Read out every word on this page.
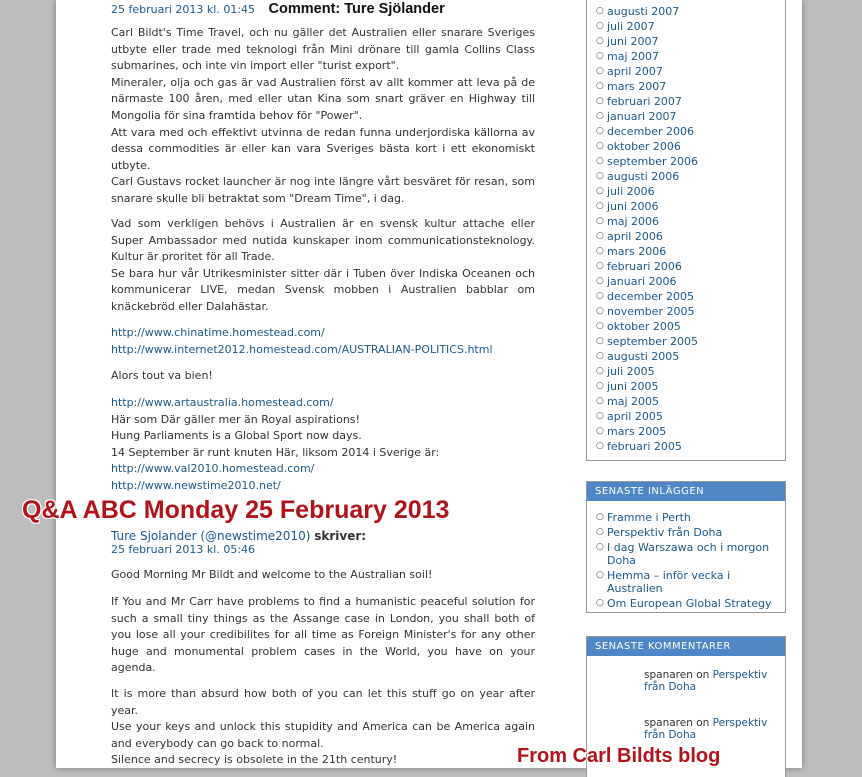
25 februari 2013 kl. 01:45 Comment: Ture Sjölander

Carl Bildt's Time Travel, och nu gäller det Australien eller snarare Sveriges utbyte eller trade med teknologi från Mini drönare till gamla Collins Class submarines, och inte vin import eller "turist export".

Mineraler, olja och gas är vad Australien först av allt kommer att leva på de närmaste 100 åren, med eller utan Kina som snart gräver en Highway till Mongolia för sina framtida behov för "Power".

Att vara med och effektivt utvinna de redan funna underjordiska källorna av dessa commodities är eller kan vara Sveriges bästa kort i ett ekonomiskt utbyte.

Carl Gustavs rocket launcher är nog inte längre vårt besväret för resan, som snarare skulle bli betraktat som "Dream Time", i dag.

Vad som verkligen behövs i Australien är en svensk kultur attache eller Super Ambassador med nutida kunskaper inom communicationsteknology. Kultur är proritet för all Trade.

Se bara hur vår Utrikesminister sitter där i Tuben över Indiska Oceanen och kommunicerar LIVE, medan Svensk mobben i Australien babblar om knäckebröd eller Dalahästar.

http://www.chinatime.homestead.com/
http://www.internet2012.homestead.com/AUSTRALIAN-POLITICS.html

Alors tout va bien!

http://www.artaustralia.homestead.com/

Här som Där gäller mer än Royal aspirations!

Hung Parliaments is a Global Sport now days.

14 September är runt knuten Här, liksom 2014 i Sverige är:

http://www.val2010.homestead.com/
http://www.newstime2010.net/
Ture Sjolander (@newstime2010) skriver:
25 februari 2013 kl. 05:46

Good Morning Mr Bildt and welcome to the Australian soil!

If You and Mr Carr have problems to find a humanistic peaceful solution for such a small tiny things as the Assange case in London, you shall both of you lose all your credibilites for all time as Foreign Minister's for any other huge and monumental problem cases in the World, you have on your agenda.

It is more than absurd how both of you can let this stuff go on year after year.

Use your keys and unlock this stupidity and America can be America again and everybody can go back to normal.

Silence and secrecy is obsolete in the 21th century!

○ augusti 2007
○ juli 2007
○ juni 2007
○ maj 2007
○ april 2007
○ mars 2007
○ februari 2007
○ januari 2007
○ december 2006
○ oktober 2006
○ september 2006
○ augusti 2006
○ juli 2006
○ juni 2006
○ maj 2006
○ april 2006
○ mars 2006
○ februari 2006
○ januari 2006
○ december 2005
○ november 2005
○ oktober 2005
○ september 2005
○ augusti 2005
○ juli 2005
○ juni 2005
○ maj 2005
○ april 2005
○ mars 2005
○ februari 2005
SENASTE INLÄGGEN
○ Framme i Perth
○ Perspektiv från Doha
○ I dag Warszawa och i morgon Doha
○ Hemma – inför vecka i Australien
○ Om European Global Strategy
SENASTE KOMMENTARER
spanaren on Perspektiv från Doha
spanaren on Perspektiv från Doha
Q&A ABC Monday 25 February 2013
From Carl Bildts blog
